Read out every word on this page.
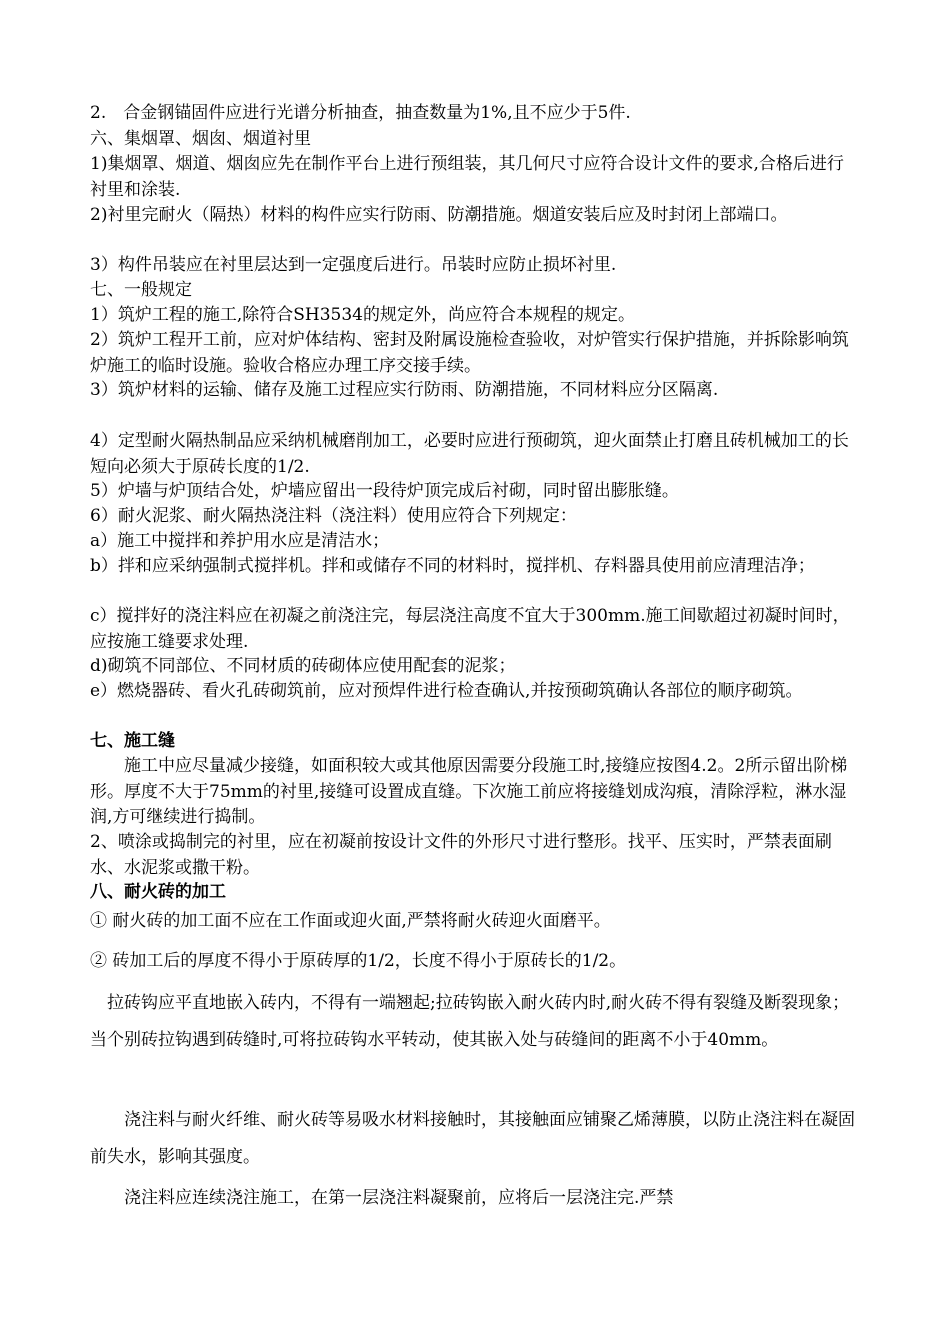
2.　合金钢锚固件应进行光谱分析抽查，抽查数量为1%,且不应少于5件.
六、集烟罩、烟囱、烟道衬里
1)集烟罩、烟道、烟囱应先在制作平台上进行预组装，其几何尺寸应符合设计文件的要求,合格后进行衬里和涂装.
2)衬里完耐火（隔热）材料的构件应实行防雨、防潮措施。烟道安装后应及时封闭上部端口。
3）构件吊装应在衬里层达到一定强度后进行。吊装时应防止损坏衬里.
七、一般规定
1）筑炉工程的施工,除符合SH3534的规定外，尚应符合本规程的规定。
2）筑炉工程开工前，应对炉体结构、密封及附属设施检查验收，对炉管实行保护措施，并拆除影响筑炉施工的临时设施。验收合格应办理工序交接手续。
3）筑炉材料的运输、储存及施工过程应实行防雨、防潮措施，不同材料应分区隔离.
4）定型耐火隔热制品应采纳机械磨削加工，必要时应进行预砌筑，迎火面禁止打磨且砖机械加工的长短向必须大于原砖长度的1/2.
5）炉墙与炉顶结合处，炉墙应留出一段待炉顶完成后衬砌，同时留出膨胀缝。
6）耐火泥浆、耐火隔热浇注料（浇注料）使用应符合下列规定：
a）施工中搅拌和养护用水应是清洁水；
b）拌和应采纳强制式搅拌机。拌和或储存不同的材料时，搅拌机、存料器具使用前应清理洁净；
c）搅拌好的浇注料应在初凝之前浇注完，每层浇注高度不宜大于300mm.施工间歇超过初凝时间时，应按施工缝要求处理.
d)砌筑不同部位、不同材质的砖砌体应使用配套的泥浆；
e）燃烧器砖、看火孔砖砌筑前，应对预焊件进行检查确认,并按预砌筑确认各部位的顺序砌筑。
七、施工缝
　　施工中应尽量减少接缝，如面积较大或其他原因需要分段施工时,接缝应按图4.2。2所示留出阶梯形。厚度不大于75mm的衬里,接缝可设置成直缝。下次施工前应将接缝划成沟痕，清除浮粒，淋水湿润,方可继续进行捣制。
2、喷涂或捣制完的衬里，应在初凝前按设计文件的外形尺寸进行整形。找平、压实时，严禁表面刷水、水泥浆或撒干粉。
八、耐火砖的加工
① 耐火砖的加工面不应在工作面或迎火面,严禁将耐火砖迎火面磨平。
② 砖加工后的厚度不得小于原砖厚的1/2，长度不得小于原砖长的1/2。
　拉砖钩应平直地嵌入砖内，不得有一端翘起;拉砖钩嵌入耐火砖内时,耐火砖不得有裂缝及断裂现象；当个别砖拉钩遇到砖缝时,可将拉砖钩水平转动，使其嵌入处与砖缝间的距离不小于40mm。
　　浇注料与耐火纤维、耐火砖等易吸水材料接触时，其接触面应铺聚乙烯薄膜，以防止浇注料在凝固前失水，影响其强度。
　　浇注料应连续浇注施工，在第一层浇注料凝聚前，应将后一层浇注完.严禁
